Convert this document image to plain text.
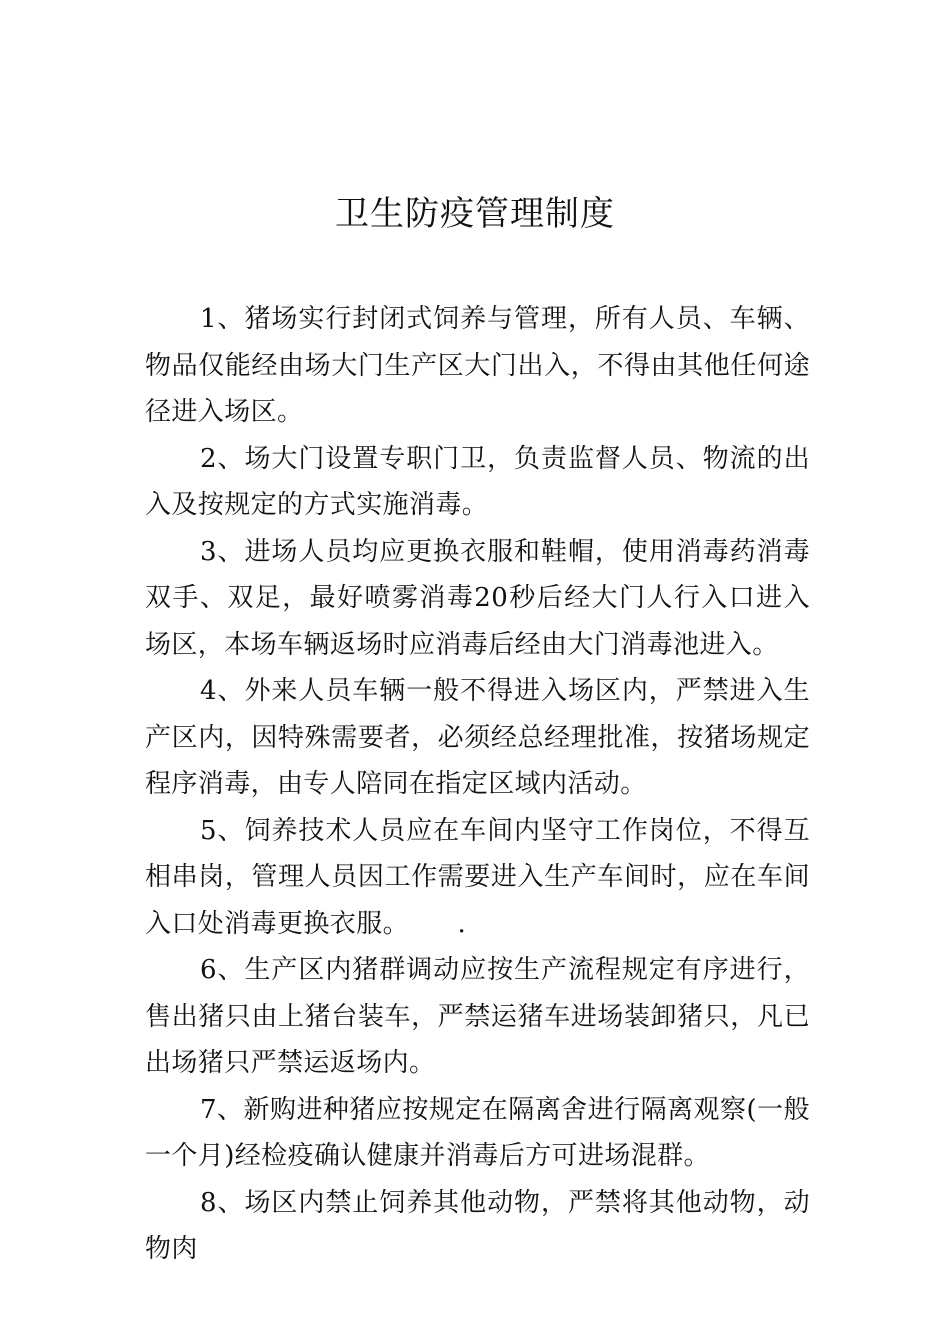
卫生防疫管理制度

1、猪场实行封闭式饲养与管理，所有人员、车辆、物品仅能经由场大门生产区大门出入，不得由其他任何途径进入场区。

2、场大门设置专职门卫，负责监督人员、物流的出入及按规定的方式实施消毒。

3、进场人员均应更换衣服和鞋帽，使用消毒药消毒双手、双足，最好喷雾消毒20秒后经大门人行入口进入场区，本场车辆返场时应消毒后经由大门消毒池进入。

4、外来人员车辆一般不得进入场区内，严禁进入生产区内，因特殊需要者，必须经总经理批准，按猪场规定程序消毒，由专人陪同在指定区域内活动。

5、饲养技术人员应在车间内坚守工作岗位，不得互相串岗，管理人员因工作需要进入生产车间时，应在车间入口处消毒更换衣服。　　 .

6、生产区内猪群调动应按生产流程规定有序进行，售出猪只由上猪台装车，严禁运猪车进场装卸猪只，凡已出场猪只严禁运返场内。

7、新购进种猪应按规定在隔离舍进行隔离观察(一般一个月)经检疫确认健康并消毒后方可进场混群。

8、场区内禁止饲养其他动物，严禁将其他动物，动物肉
